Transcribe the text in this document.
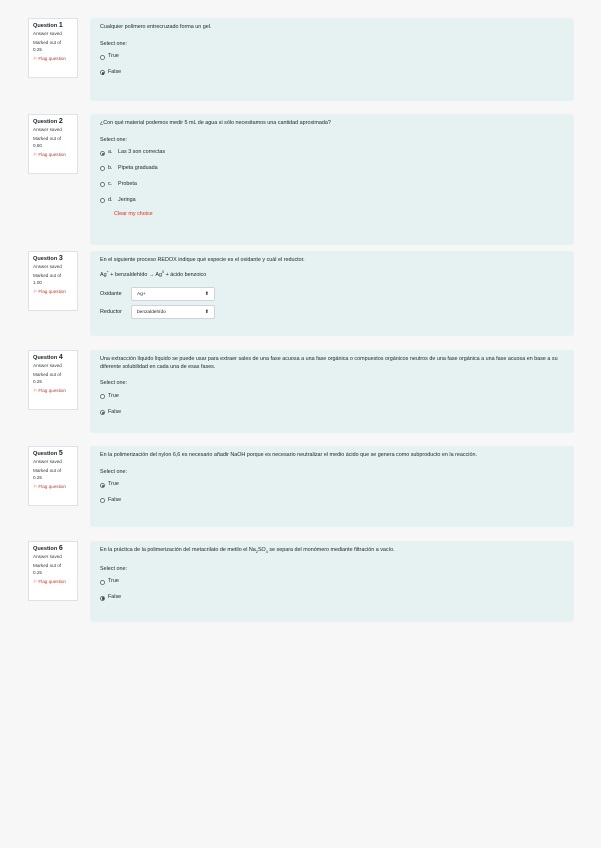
Question 1
Answer saved
Marked out of
0.25
⚐ Flag question
Cualquier polímero entrecruzado forma un gel.
Select one:
True
False
Question 2
Answer saved
Marked out of
0.50
⚐ Flag question
¿Con qué material podemos medir 5 mL de agua si sólo necesitamos una cantidad aproximada?
Select one:
a.	Las 3 son correctas
b.	Pipeta graduada
c.	Probeta
d.	Jeringa
Clear my choice
Question 3
Answer saved
Marked out of
1.00
⚐ Flag question
En el siguiente proceso REDOX indique qué especie es el oxidante y cuál el reductor.
Ag+ + benzaldehído → $Ag^0$ + ácido benzoico
Oxidante	Ag+	⬍
Reductor	benzaldehído	⬍
Question 4
Answer saved
Marked out of
0.25
⚐ Flag question
Una extracción líquido líquido se puede usar para extraer sales de una fase acuosa a una fase orgánica o compuestos orgánicos neutros de una fase orgánica a una fase acuosa en base a su diferente solubilidad en cada una de esas fases.
Select one:
True
False
Question 5
Answer saved
Marked out of
0.25
⚐ Flag question
En la polimerización del nylon 6,6 es necesario añadir NaOH porque es necesario neutralizar el medio ácido que se genera como subproducto en la reacción.
Select one:
True
False
Question 6
Answer saved
Marked out of
0.25
⚐ Flag question
En la práctica de la polimerización del metacrilato de metilo el $Na_2SO_4$ se separa del monómero mediante filtración a vacío.
Select one:
True
False
